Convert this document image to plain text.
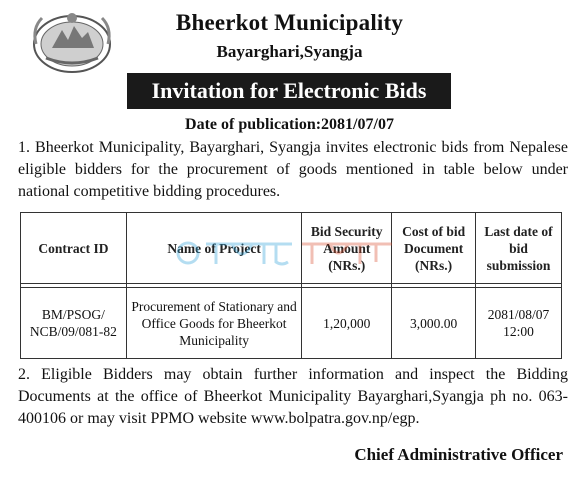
Bheerkot Municipality
Bayarghari,Syangja
Invitation for Electronic Bids
Date of publication:2081/07/07
1. Bheerkot Municipality, Bayarghari, Syangja invites electronic bids from Nepalese eligible bidders for the procurement of goods mentioned in table below under national competitive bidding procedures.
Contract ID	Name of Project	Bid Security Amount (NRs.)	Cost of bid Document (NRs.)	Last date of bid submission

BM/PSOG/ NCB/09/081-82	Procurement of Stationary and Office Goods for Bheerkot Municipality	1,20,000	3,000.00	2081/08/07 12:00
2. Eligible Bidders may obtain further information and inspect the Bidding Documents at the office of Bheerkot Municipality Bayarghari,Syangja ph no. 063-400106 or may visit PPMO website www.bolpatra.gov.np/egp.
Chief Administrative Officer
